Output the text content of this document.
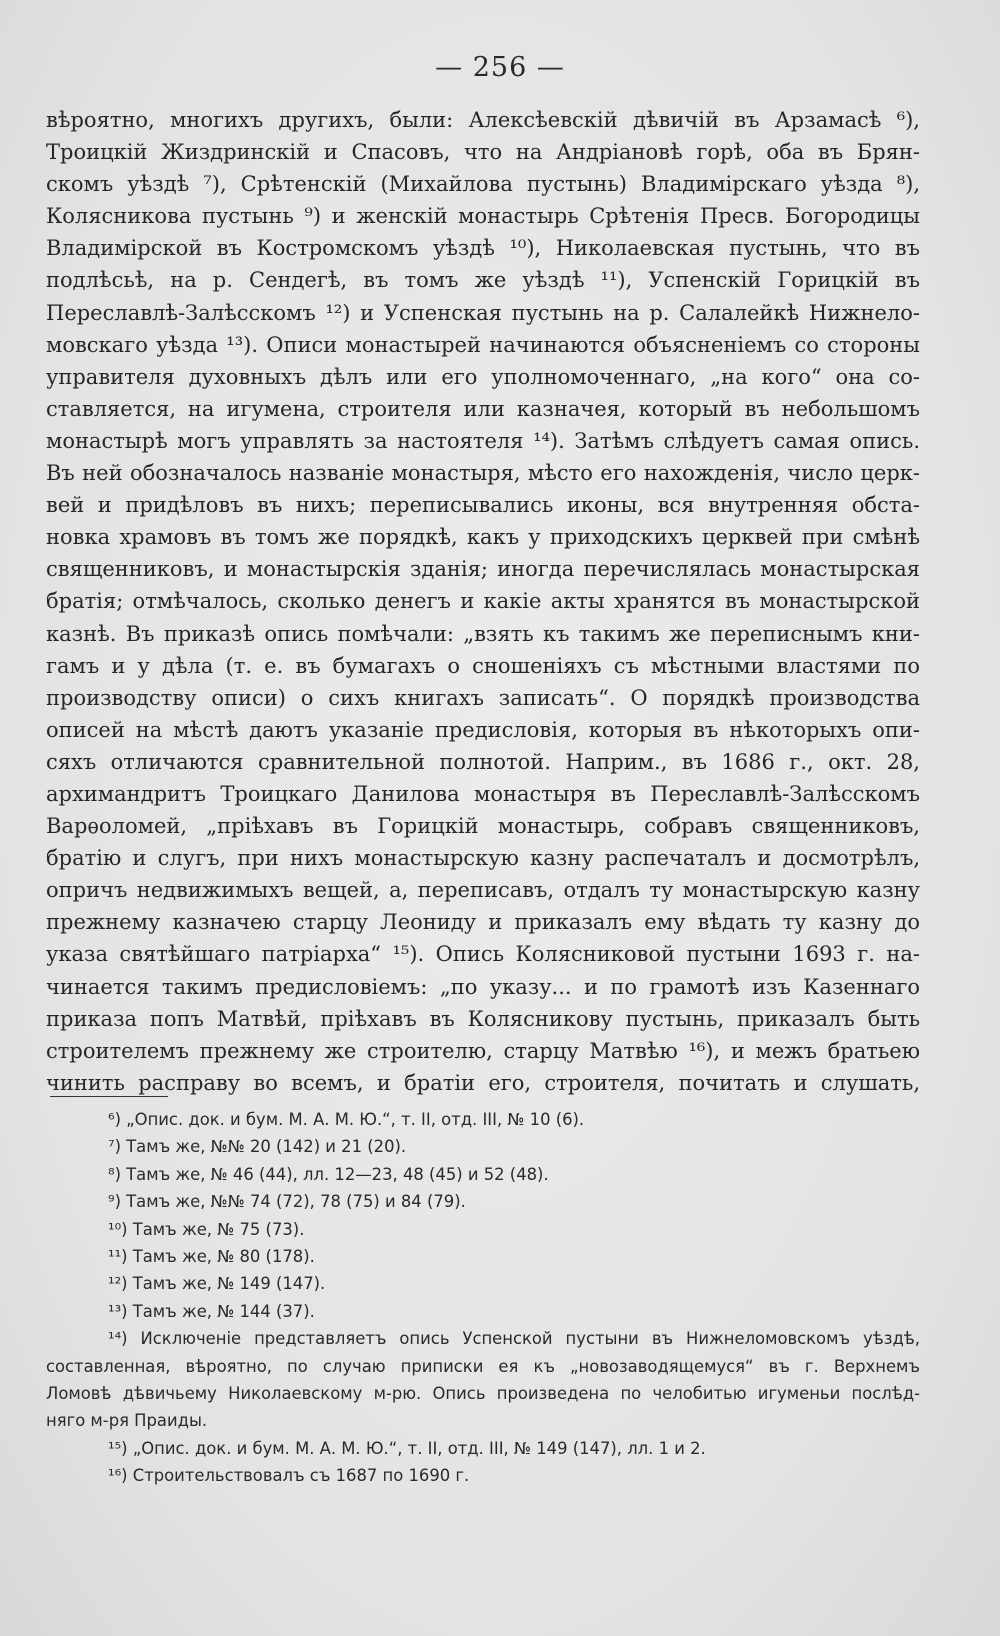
— 256 —
вѣроятно, многихъ другихъ, были: Алексѣевскій дѣвичій въ Арзамасѣ ⁶),
Троицкій Жиздринскій и Спасовъ, что на Андріановѣ горѣ, оба въ Брян-
скомъ уѣздѣ ⁷), Срѣтенскій (Михайлова пустынь) Владимірскаго уѣзда ⁸),
Колясникова пустынь ⁹) и женскій монастырь Срѣтенія Пресв. Богородицы
Владимірской въ Костромскомъ уѣздѣ ¹⁰), Николаевская пустынь, что въ
подлѣсьѣ, на р. Сендегѣ, въ томъ же уѣздѣ ¹¹), Успенскій Горицкій въ
Переславлѣ-Залѣсскомъ ¹²) и Успенская пустынь на р. Салалейкѣ Нижнело-
мовскаго уѣзда ¹³). Описи монастырей начинаются объясненіемъ со стороны
управителя духовныхъ дѣлъ или его уполномоченнаго, „на кого“ она со-
ставляется, на игумена, строителя или казначея, который въ небольшомъ
монастырѣ могъ управлять за настоятеля ¹⁴). Затѣмъ слѣдуетъ самая опись.
Въ ней обозначалось названіе монастыря, мѣсто его нахожденія, число церк-
вей и придѣловъ въ нихъ; переписывались иконы, вся внутренняя обста-
новка храмовъ въ томъ же порядкѣ, какъ у приходскихъ церквей при смѣнѣ
священниковъ, и монастырскія зданія; иногда перечислялась монастырская
братія; отмѣчалось, сколько денегъ и какіе акты хранятся въ монастырской
казнѣ. Въ приказѣ опись помѣчали: „взять къ такимъ же переписнымъ кни-
гамъ и у дѣла (т. е. въ бумагахъ о сношеніяхъ съ мѣстными властями по
производству описи) о сихъ книгахъ записать“. О порядкѣ производства
описей на мѣстѣ даютъ указаніе предисловія, которыя въ нѣкоторыхъ опи-
сяхъ отличаются сравнительной полнотой. Наприм., въ 1686 г., окт. 28,
архимандритъ Троицкаго Данилова монастыря въ Переславлѣ-Залѣсскомъ
Варѳоломей, „пріѣхавъ въ Горицкій монастырь, собравъ священниковъ,
братію и слугъ, при нихъ монастырскую казну распечаталъ и досмотрѣлъ,
опричъ недвижимыхъ вещей, а, переписавъ, отдалъ ту монастырскую казну
прежнему казначею старцу Леониду и приказалъ ему вѣдать ту казну до
указа святѣйшаго патріарха“ ¹⁵). Опись Колясниковой пустыни 1693 г. на-
чинается такимъ предисловіемъ: „по указу... и по грамотѣ изъ Казеннаго
приказа попъ Матвѣй, пріѣхавъ въ Колясникову пустынь, приказалъ быть
строителемъ прежнему же строителю, старцу Матвѣю ¹⁶), и межъ братьею
чинить расправу во всемъ, и братіи его, строителя, почитать и слушать,
⁶) „Опис. док. и бум. М. А. М. Ю.“, т. II, отд. III, № 10 (6).
⁷) Тамъ же, №№ 20 (142) и 21 (20).
⁸) Тамъ же, № 46 (44), лл. 12—23, 48 (45) и 52 (48).
⁹) Тамъ же, №№ 74 (72), 78 (75) и 84 (79).
¹⁰) Тамъ же, № 75 (73).
¹¹) Тамъ же, № 80 (178).
¹²) Тамъ же, № 149 (147).
¹³) Тамъ же, № 144 (37).
¹⁴) Исключеніе представляетъ опись Успенской пустыни въ Нижнеломовскомъ уѣздѣ,
составленная, вѣроятно, по случаю приписки ея къ „новозаводящемуся“ въ г. Верхнемъ
Ломовѣ дѣвичьему Николаевскому м-рю. Опись произведена по челобитью игуменьи послѣд-
няго м-ря Праиды.
¹⁵) „Опис. док. и бум. М. А. М. Ю.“, т. II, отд. III, № 149 (147), лл. 1 и 2.
¹⁶) Строительствовалъ съ 1687 по 1690 г.
